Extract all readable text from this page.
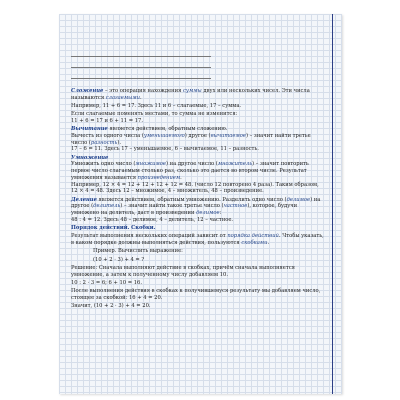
Сложение – это операция нахождения суммы двух или нескольких чисел. Эти числа называются слагаемыми.

Например, 11 + 6 = 17. Здесь 11 и 6 – слагаемые, 17 – сумма.

Если слагаемые поменять местами, то сумма не изменится:
11 + 6 = 17 и 6 + 11 = 17.

Вычитание является действием, обратным сложению.
Вычесть из одного числа (уменьшаемого) другое (вычитаемое) – значит найти третье число (разность).
17 – 6 = 11. Здесь 17 – уменьшаемое, 6 – вычитаемое, 11 – разность.

Умножение
Умножить одно число (множимое) на другое число (множитель) – значит повторить первое число слагаемым столько раз, сколько это дается во втором числе. Результат умножения называется произведением.
Например, 12 × 4 = 12 + 12 + 12 + 12 = 48. (число 12 повторено 4 раза). Таким образом, 12 × 4 = 48. Здесь 12 – множимое, 4 – множитель, 48 – произведение.

Деление является действием, обратным умножению. Разделить одно число (делимое) на другое (делитель) – значит найти такое третье число (частное), которое, будучи умножено на делитель, даст в произведении делимое:
48 : 4 = 12. Здесь 48 – делимое, 4 – делитель, 12 – частное.

Порядок действий. Скобки.

Результат выполнения нескольких операций зависит от порядка действий. Чтобы указать, в каком порядке должны выполняться действия, пользуются скобками.

Пример. Вычислить выражение:

(10 + 2 · 3) + 4 = ?

Решение: Сначала выполняют действие в скобках, причём сначала выполняется умножение, а затем к полученному числу добавляем 10.

10 : 2 · 3 = 6; 6 + 10 = 16.

После выполнения действия в скобках к получившемуся результату мы добавляем число, стоящее за скобкой: 16 + 4 = 20.

Значит, (10 + 2 · 3) + 4 = 20.
